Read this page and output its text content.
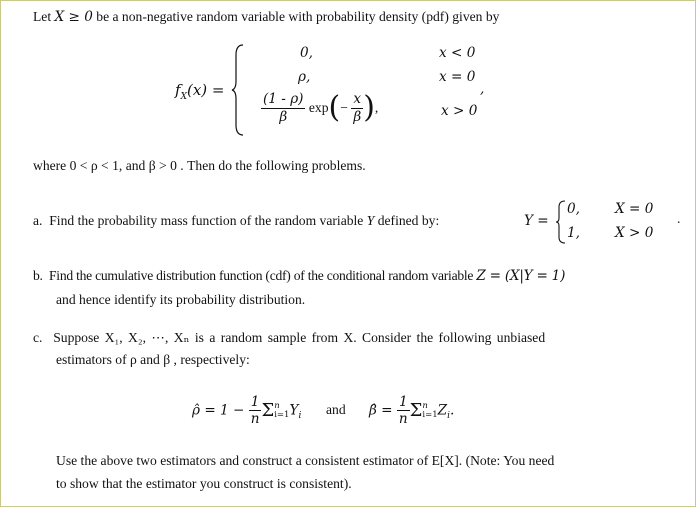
Let X ≥ 0 be a non-negative random variable with probability density (pdf) given by
$f_X(x)$ =
0,	x < 0
ρ,	x = 0
,
$\frac{(1 - \rho)}{\beta} \exp(- \frac{x}{\beta}$ ),	x > 0
where 0 < ρ < 1, and β > 0 . Then do the following problems.
a. Find the probability mass function of the random variable Y defined by:	Y =
0,	X = 0
1,	X > 0
.
b. Find the cumulative distribution function (cdf) of the conditional random variable Z = (X|Y = 1)
and hence identify its probability distribution.
c. Suppose X₁, X₂, ⋯, Xₙ is a random sample from X. Consider the following unbiased
estimators of ρ and β , respectively:
ρ̂ = $1 - \frac{1}{n}$ Σ n
i=1 $Y_i$ and β̂ = $\frac{1}{n}$ Σ n
i=1 $Z_i$.
Use the above two estimators and construct a consistent estimator of E[X]. (Note: You need
to show that the estimator you construct is consistent).
